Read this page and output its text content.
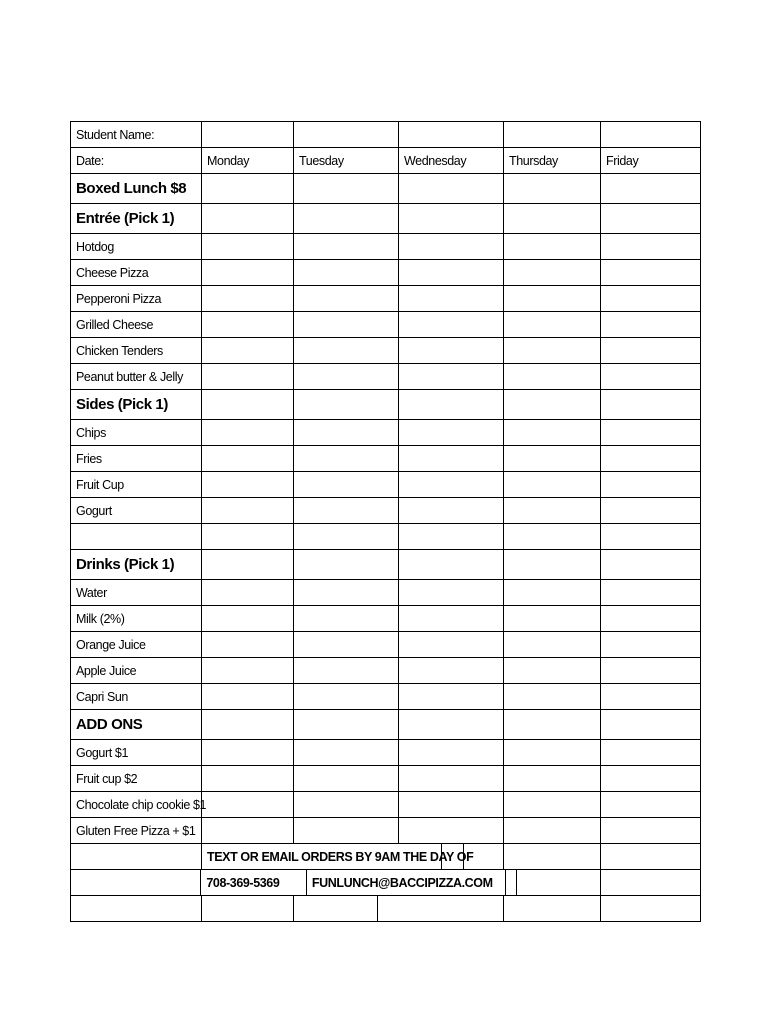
Student Name:
Date:	Monday	Tuesday	Wednesday	Thursday	Friday
Boxed Lunch $8
Entrée (Pick 1)
Hotdog
Cheese Pizza
Pepperoni Pizza
Grilled Cheese
Chicken Tenders
Peanut butter & Jelly
Sides (Pick 1)
Chips
Fries
Fruit Cup
Gogurt
Drinks (Pick 1)
Water
Milk (2%)
Orange Juice
Apple Juice
Capri Sun
ADD ONS
Gogurt $1
Fruit cup $2
Chocolate chip cookie $1
Gluten Free Pizza + $1
TEXT OR EMAIL ORDERS BY 9AM THE DAY OF
708-369-5369	FUNLUNCH@BACCIPIZZA.COM
